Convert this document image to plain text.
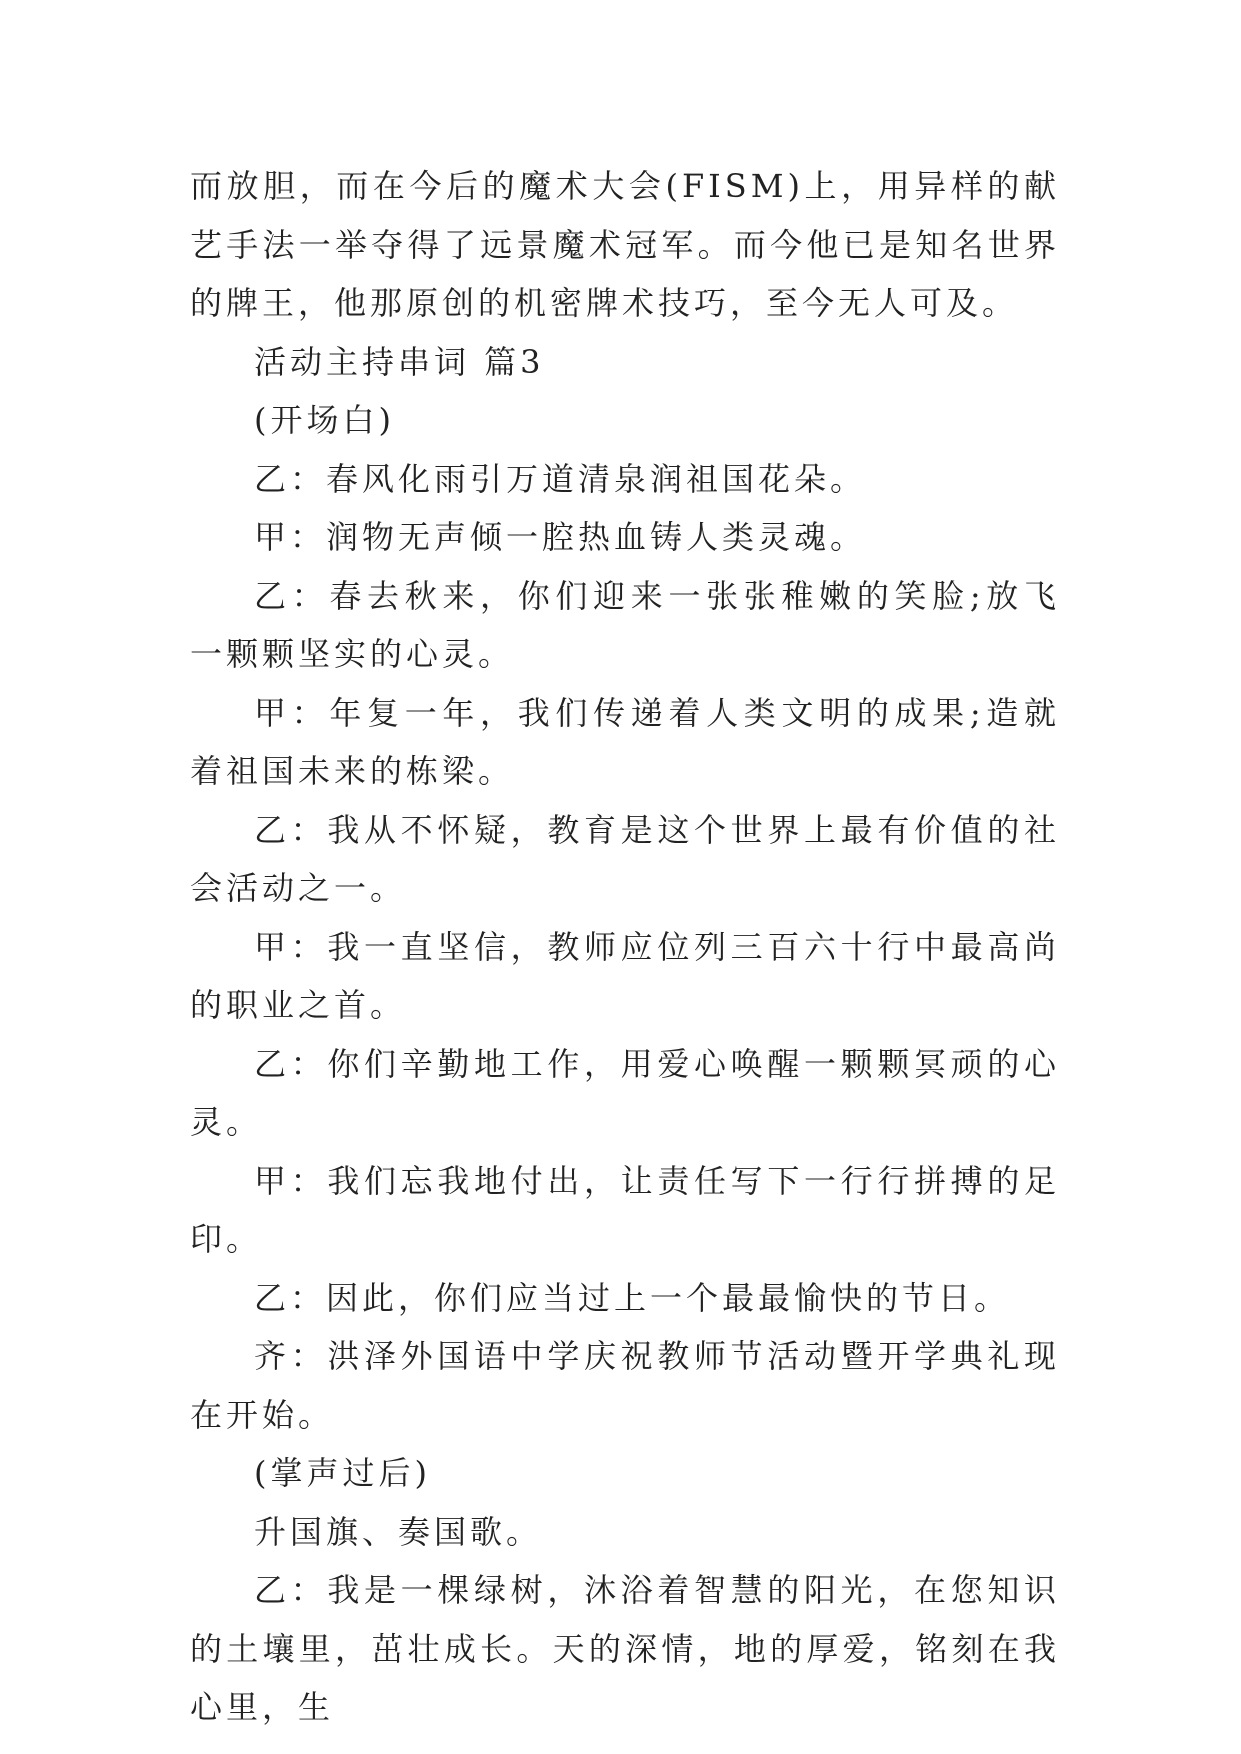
而放胆，而在今后的魔术大会(FISM)上，用异样的献艺手法一举夺得了远景魔术冠军。而今他已是知名世界的牌王，他那原创的机密牌术技巧，至今无人可及。

活动主持串词 篇3

(开场白)

乙：春风化雨引万道清泉润祖国花朵。

甲：润物无声倾一腔热血铸人类灵魂。

乙：春去秋来，你们迎来一张张稚嫩的笑脸;放飞一颗颗坚实的心灵。

甲：年复一年，我们传递着人类文明的成果;造就着祖国未来的栋梁。

乙：我从不怀疑，教育是这个世界上最有价值的社会活动之一。

甲：我一直坚信，教师应位列三百六十行中最高尚的职业之首。

乙：你们辛勤地工作，用爱心唤醒一颗颗冥顽的心灵。

甲：我们忘我地付出，让责任写下一行行拼搏的足印。

乙：因此，你们应当过上一个最最愉快的节日。

齐：洪泽外国语中学庆祝教师节活动暨开学典礼现在开始。

(掌声过后)

升国旗、奏国歌。

乙：我是一棵绿树，沐浴着智慧的阳光，在您知识的土壤里，茁壮成长。天的深情，地的厚爱，铭刻在我心里，生
